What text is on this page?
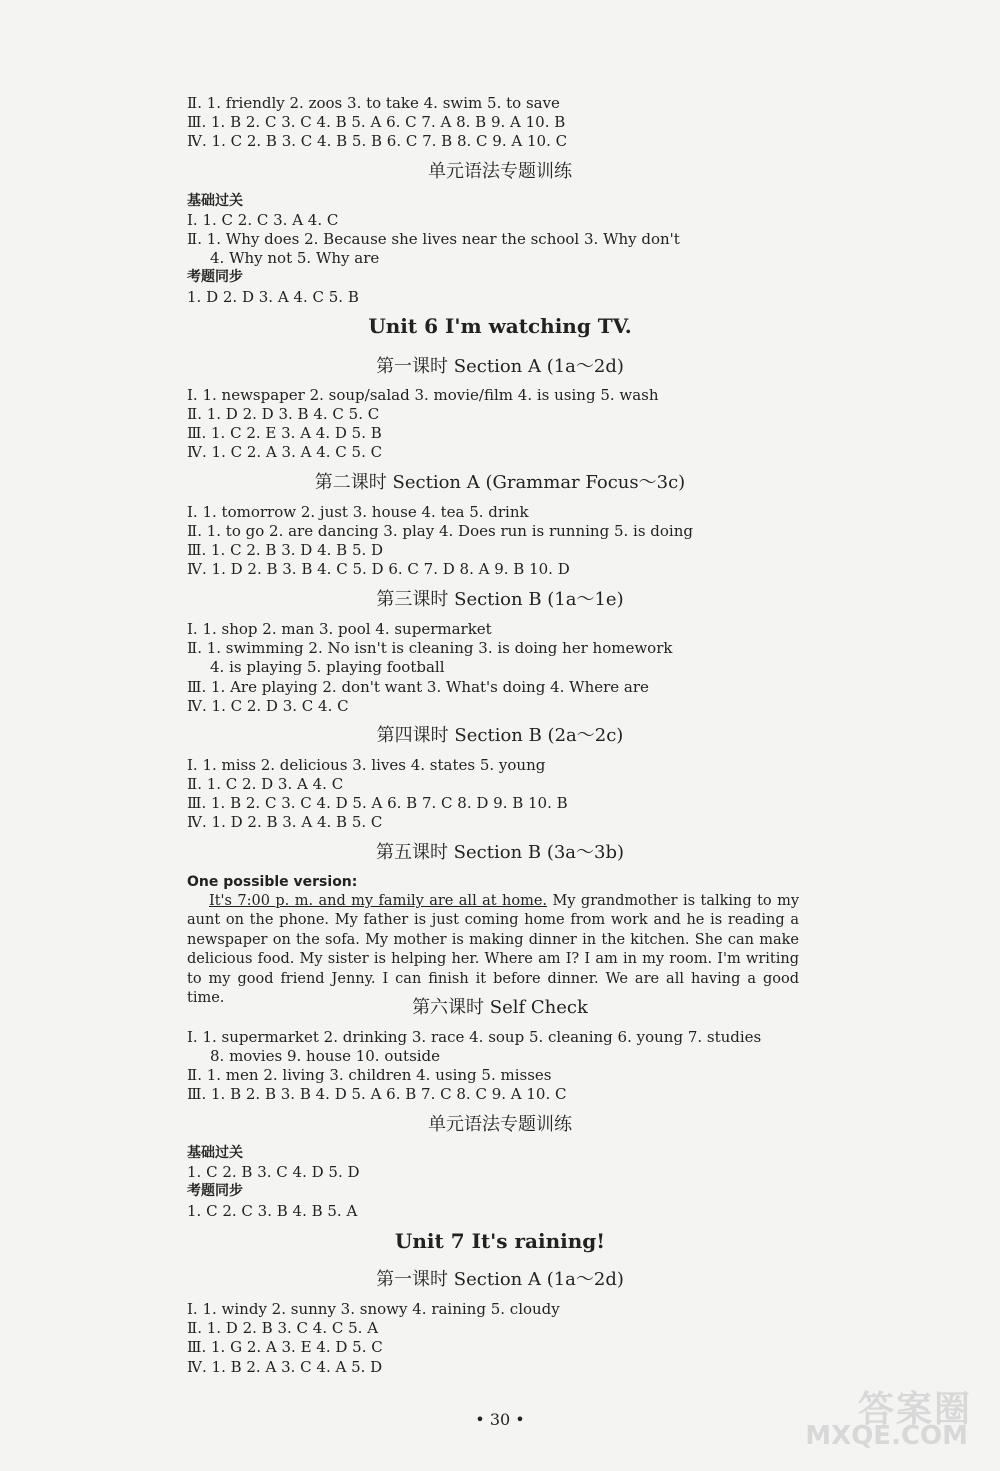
Ⅱ. 1. friendly 2. zoos 3. to take 4. swim 5. to save
Ⅲ. 1. B 2. C 3. C 4. B 5. A 6. C 7. A 8. B 9. A 10. B
Ⅳ. 1. C 2. B 3. C 4. B 5. B 6. C 7. B 8. C 9. A 10. C
单元语法专题训练
基础过关
Ⅰ. 1. C 2. C 3. A 4. C
Ⅱ. 1. Why does 2. Because she lives near the school 3. Why don't
4. Why not 5. Why are
考题同步
1. D 2. D 3. A 4. C 5. B
Unit 6 I'm watching TV.
第一课时 Section A (1a～2d)
Ⅰ. 1. newspaper 2. soup/salad 3. movie/film 4. is using 5. wash
Ⅱ. 1. D 2. D 3. B 4. C 5. C
Ⅲ. 1. C 2. E 3. A 4. D 5. B
Ⅳ. 1. C 2. A 3. A 4. C 5. C
第二课时 Section A (Grammar Focus～3c)
Ⅰ. 1. tomorrow 2. just 3. house 4. tea 5. drink
Ⅱ. 1. to go 2. are dancing 3. play 4. Does run is running 5. is doing
Ⅲ. 1. C 2. B 3. D 4. B 5. D
Ⅳ. 1. D 2. B 3. B 4. C 5. D 6. C 7. D 8. A 9. B 10. D
第三课时 Section B (1a～1e)
Ⅰ. 1. shop 2. man 3. pool 4. supermarket
Ⅱ. 1. swimming 2. No isn't is cleaning 3. is doing her homework
4. is playing 5. playing football
Ⅲ. 1. Are playing 2. don't want 3. What's doing 4. Where are
Ⅳ. 1. C 2. D 3. C 4. C
第四课时 Section B (2a～2c)
Ⅰ. 1. miss 2. delicious 3. lives 4. states 5. young
Ⅱ. 1. C 2. D 3. A 4. C
Ⅲ. 1. B 2. C 3. C 4. D 5. A 6. B 7. C 8. D 9. B 10. B
Ⅳ. 1. D 2. B 3. A 4. B 5. C
第五课时 Section B (3a～3b)
One possible version:

It's 7:00 p. m. and my family are all at home. My grandmother is talking to my aunt on the phone. My father is just coming home from work and he is reading a newspaper on the sofa. My mother is making dinner in the kitchen. She can make delicious food. My sister is helping her. Where am I? I am in my room. I'm writing to my good friend Jenny. I can finish it before dinner. We are all having a good time.	第六课时 Self Check
Ⅰ. 1. supermarket 2. drinking 3. race 4. soup 5. cleaning 6. young 7. studies
8. movies 9. house 10. outside
Ⅱ. 1. men 2. living 3. children 4. using 5. misses
Ⅲ. 1. B 2. B 3. B 4. D 5. A 6. B 7. C 8. C 9. A 10. C
单元语法专题训练
基础过关
1. C 2. B 3. C 4. D 5. D
考题同步
1. C 2. C 3. B 4. B 5. A
Unit 7 It's raining!
第一课时 Section A (1a～2d)
Ⅰ. 1. windy 2. sunny 3. snowy 4. raining 5. cloudy
Ⅱ. 1. D 2. B 3. C 4. C 5. A
Ⅲ. 1. G 2. A 3. E 4. D 5. C
Ⅳ. 1. B 2. A 3. C 4. A 5. D
• 30 •	答案圈
MXQE.COM
